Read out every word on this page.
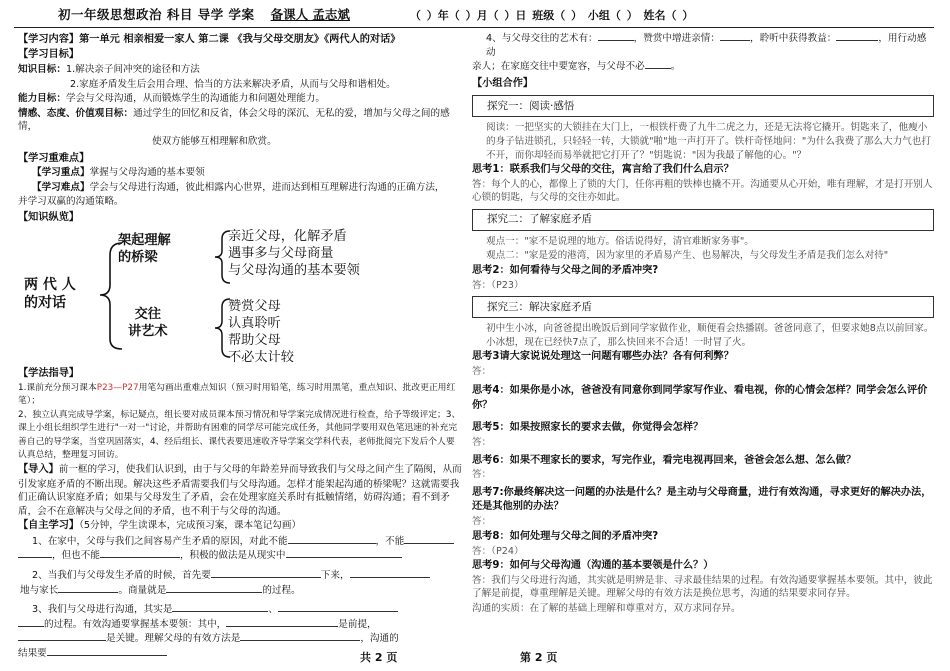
初一年级思想政治 科目 导学 学案 备课人 孟志斌	（ ）年（ ）月（ ）日 班级（ ） 小组（ ） 姓名（ ）
【学习内容】第一单元 相亲相爱一家人 第二课 《我与父母交朋友》《两代人的对话》
【学习目标】
知识目标：1.解决亲子间冲突的途径和方法
2.家庭矛盾发生后会用合理、恰当的方法来解决矛盾，从而与父母和谐相处。
能力目标：学会与父母沟通，从而锻炼学生的沟通能力和问题处理能力。
情感、态度、价值观目标：通过学生的回忆和反省，体会父母的深沉、无私的爱，增加与父母之间的感情，
使双方能够互相理解和欣赏。
【学习重难点】
【学习重点】掌握与父母沟通的基本要领
【学习难点】学会与父母进行沟通，彼此相露内心世界，进而达到相互理解进行沟通的正确方法，
并学习双赢的沟通策略。
【知识纵览】
两 代 人
的对话
架起理解
的桥梁
交往
讲艺术
亲近父母，化解矛盾
遇事多与父母商量
与父母沟通的基本要领
赞赏父母
认真聆听
帮助父母
不必太计较
【学法指导】
1.课前充分预习课本P23—P27用笔勾画出重难点知识（预习时用铅笔，练习时用黑笔，重点知识、批改更正用红笔）；
2、独立认真完成导学案，标记疑点，组长要对成员课本预习情况和导学案完成情况进行检查，给予等级评定；3、课上小组长组织学生进行"一对一"讨论，并帮助有困难的同学尽可能完成任务，其他同学要用双色笔迅速的补充完善自己的导学案，当堂巩固落实，4、经后组长、课代表要迅速收齐导学案交学科代表，老师批阅完下发后个人要认真总结，整理复习回访。
【导入】前一框的学习，使我们认识到，由于与父母的年龄差异而导致我们与父母之间产生了隔阂，从而引发家庭矛盾的不断出现。解决这些矛盾需要我们与父母沟通。怎样才能架起沟通的桥梁呢？这就需要我们正确认识家庭矛盾；如果与父母发生了矛盾，会在处理家庭关系时有抵触情绪，妨碍沟通；看不到矛盾，会不在意解决与父母之间的矛盾，也不利于与父母的沟通。
【自主学习】（5分钟，学生读课本，完成预习案，课本笔记勾画）
1、在家中，父母与我们之间容易产生矛盾的原因，对此不能	，不能
，但也不能	，积极的做法是从现实中
2、当我们与父母发生矛盾的时候，首先要	下来，
地与家长	。商量就是	的过程。
3、我们与父母进行沟通，其实是	、
的过程。有效沟通要掌握基本要领：其中，	是前提，
是关键。理解父母的有效方法是	，沟通的
结果要
4、与父母交往的艺术有：	，赞赏中增进亲情：	，聆听中获得教益：	，用行动感动
亲人；在家庭交往中要宽容，与父母不必	。
【小组合作】
探究一：阅读·感悟
阅读：一把坚实的大锁挂在大门上，一根铁杆费了九牛二虎之力，还是无法将它撬开。钥匙来了，他瘦小的身子钻进锁孔，只轻轻一转，大锁就"啪"地一声打开了。铁杆奇怪地问："为什么我费了那么大力气也打不开，而你却轻而易举就把它打开了？"钥匙说："因为我最了解他的心。"？
思考1：联系我们与父母的交往，寓言给了我们什么启示？
答：每个人的心，都像上了锁的大门，任你再粗的铁棒也撬不开。沟通要从心开始，唯有理解，才是打开别人心锁的钥匙，与父母的交往亦如此。
探究二：了解家庭矛盾
观点一："家不是说理的地方。俗话说得好，清官难断家务事"。
观点二："家是爱的港湾，因为家里的矛盾易产生、也易解决，与父母发生矛盾是我们怎么对待"
思考2：如何看待与父母之间的矛盾冲突?
答：（P23）
探究三：解决家庭矛盾
初中生小冰，向爸爸提出晚饭后到同学家做作业，顺便看会热播剧。爸爸同意了，但要求她8点以前回家。小冰想，现在已经快7点了，那么快回来不合适！一时冒了火。
思考3请大家说说处理这一问题有哪些办法？各有何利弊？
答：
思考4：如果你是小冰，爸爸没有同意你到同学家写作业、看电视，你的心情会怎样？同学会怎么评价你？
思考5：如果按照家长的要求去做，你觉得会怎样？
答：
思考6：如果不理家长的要求，写完作业，看完电视再回来，爸爸会怎么想、怎么做？
答：
思考7:你最终解决这一问题的办法是什么？是主动与父母商量，进行有效沟通，寻求更好的解决办法，还是其他别的办法？
答：
思考8：如何处理与父母之间的矛盾冲突?
答：（P24）
思考9：如何与父母沟通（沟通的基本要领是什么？）
答：我们与父母进行沟通，其实就是明辨是非、寻求最佳结果的过程。有效沟通要掌握基本要领。其中，彼此了解是前提，尊重理解是关键。理解父母的有效方法是换位思考，沟通的结果要求同存异。
沟通的实质：在了解的基础上理解和尊重对方，双方求同存异。
共 2 页	第 2 页
